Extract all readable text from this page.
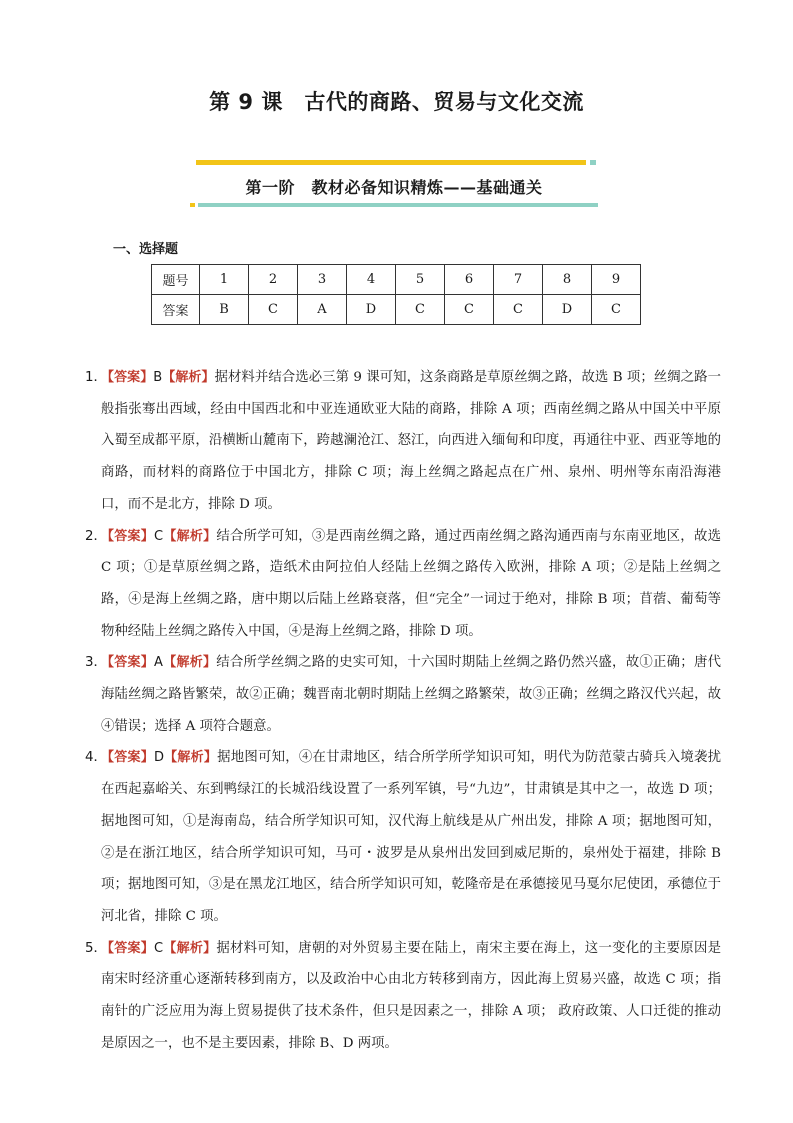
第 9 课　古代的商路、贸易与文化交流
第一阶　教材必备知识精炼——基础通关
一、选择题
题号	1	2	3	4	5	6	7	8	9
答案	B	C	A	D	C	C	C	D	C

1．
【答案】B【解析】据材料并结合选必三第 9 课可知，这条商路是草原丝绸之路，故选 B 项；丝绸之路一般指张骞出西域，经由中国西北和中亚连通欧亚大陆的商路，排除 A 项；西南丝绸之路从中国关中平原入蜀至成都平原，沿横断山麓南下，跨越澜沧江、怒江，向西进入缅甸和印度，再通往中亚、西亚等地的商路，而材料的商路位于中国北方，排除 C 项；海上丝绸之路起点在广州、泉州、明州等东南沿海港口，而不是北方，排除 D 项。

2．
【答案】C【解析】结合所学可知，③是西南丝绸之路，通过西南丝绸之路沟通西南与东南亚地区，故选 C 项；①是草原丝绸之路，造纸术由阿拉伯人经陆上丝绸之路传入欧洲，排除 A 项；②是陆上丝绸之路，④是海上丝绸之路，唐中期以后陆上丝路衰落，但“完全”一词过于绝对，排除 B 项；苜蓿、葡萄等物种经陆上丝绸之路传入中国，④是海上丝绸之路，排除 D 项。

3．
【答案】A【解析】结合所学丝绸之路的史实可知，十六国时期陆上丝绸之路仍然兴盛，故①正确；唐代海陆丝绸之路皆繁荣，故②正确；魏晋南北朝时期陆上丝绸之路繁荣，故③正确；丝绸之路汉代兴起，故④错误；选择 A 项符合题意。

4．
【答案】D【解析】据地图可知，④在甘肃地区，结合所学所学知识可知，明代为防范蒙古骑兵入境袭扰在西起嘉峪关、东到鸭绿江的长城沿线设置了一系列军镇，号“九边”，甘肃镇是其中之一，故选 D 项；据地图可知，①是海南岛，结合所学知识可知，汉代海上航线是从广州出发，排除 A 项；据地图可知，②是在浙江地区，结合所学知识可知，马可・波罗是从泉州出发回到威尼斯的，泉州处于福建，排除 B 项；据地图可知，③是在黑龙江地区，结合所学知识可知，乾隆帝是在承德接见马戛尔尼使团，承德位于河北省，排除 C 项。

5．
【答案】C【解析】据材料可知，唐朝的对外贸易主要在陆上，南宋主要在海上，这一变化的主要原因是南宋时经济重心逐渐转移到南方，以及政治中心由北方转移到南方，因此海上贸易兴盛，故选 C 项；指南针的广泛应用为海上贸易提供了技术条件，但只是因素之一，排除 A 项； 政府政策、人口迁徙的推动是原因之一，也不是主要因素，排除 B、D 两项。
